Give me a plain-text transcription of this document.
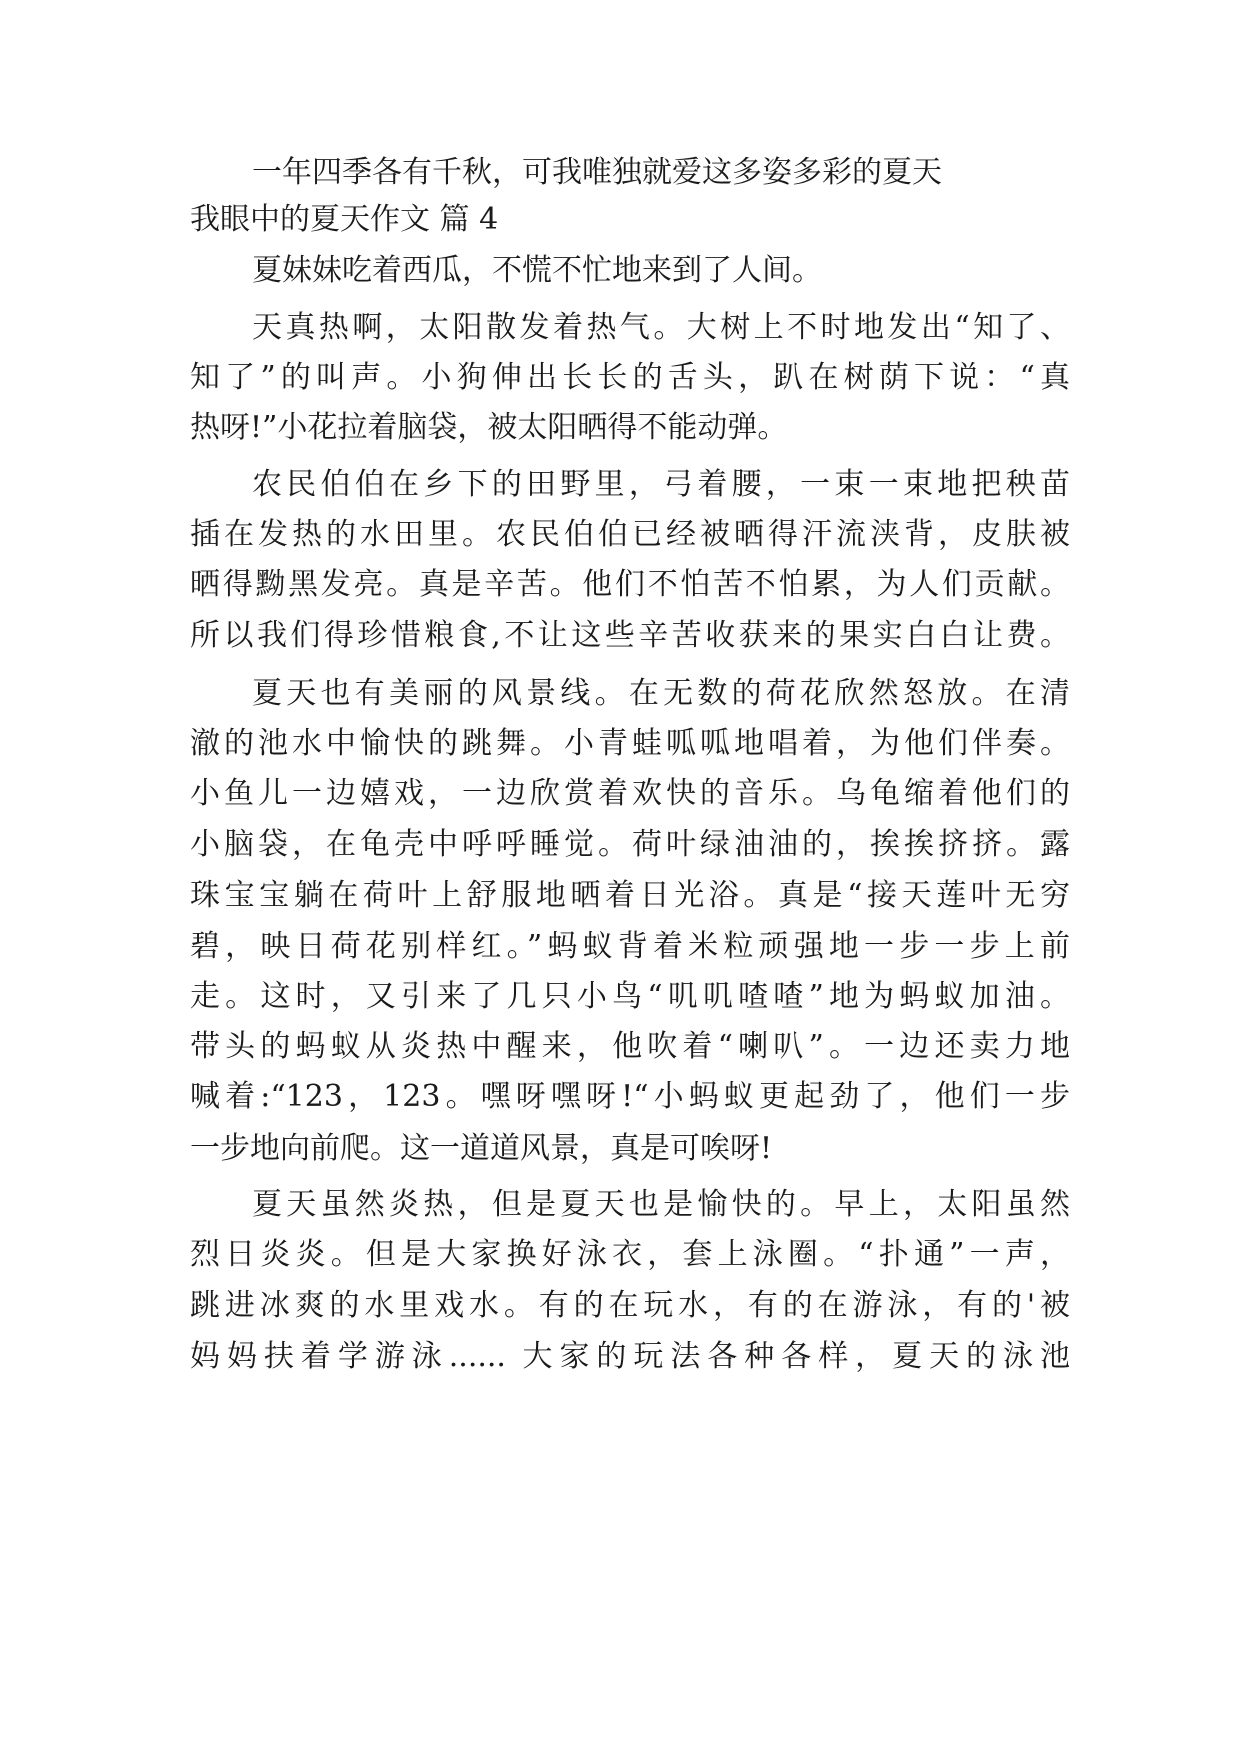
一年四季各有千秋，可我唯独就爱这多姿多彩的夏天
我眼中的夏天作文 篇 4
夏妹妹吃着西瓜，不慌不忙地来到了人间。
天真热啊，太阳散发着热气。大树上不时地发出“知了、
知了”的叫声。小狗伸出长长的舌头，趴在树荫下说：“真
热呀!”小花拉着脑袋，被太阳晒得不能动弹。
农民伯伯在乡下的田野里，弓着腰，一束一束地把秧苗
插在发热的水田里。农民伯伯已经被晒得汗流浃背，皮肤被
晒得黝黑发亮。真是辛苦。他们不怕苦不怕累，为人们贡献。
所以我们得珍惜粮食,不让这些辛苦收获来的果实白白让费。
夏天也有美丽的风景线。在无数的荷花欣然怒放。在清
澈的池水中愉快的跳舞。小青蛙呱呱地唱着，为他们伴奏。
小鱼儿一边嬉戏，一边欣赏着欢快的音乐。乌龟缩着他们的
小脑袋，在龟壳中呼呼睡觉。荷叶绿油油的，挨挨挤挤。露
珠宝宝躺在荷叶上舒服地晒着日光浴。真是“接天莲叶无穷
碧，映日荷花别样红。”蚂蚁背着米粒顽强地一步一步上前
走。这时，又引来了几只小鸟“叽叽喳喳”地为蚂蚁加油。
带头的蚂蚁从炎热中醒来，他吹着“喇叭”。一边还卖力地
喊着:“123，123。嘿呀嘿呀!“小蚂蚁更起劲了，他们一步
一步地向前爬。这一道道风景，真是可唉呀!
夏天虽然炎热，但是夏天也是愉快的。早上，太阳虽然
烈日炎炎。但是大家换好泳衣，套上泳圈。“扑通”一声，
跳进冰爽的水里戏水。有的在玩水，有的在游泳，有的'被
妈妈扶着学游泳...... 大家的玩法各种各样，夏天的泳池
